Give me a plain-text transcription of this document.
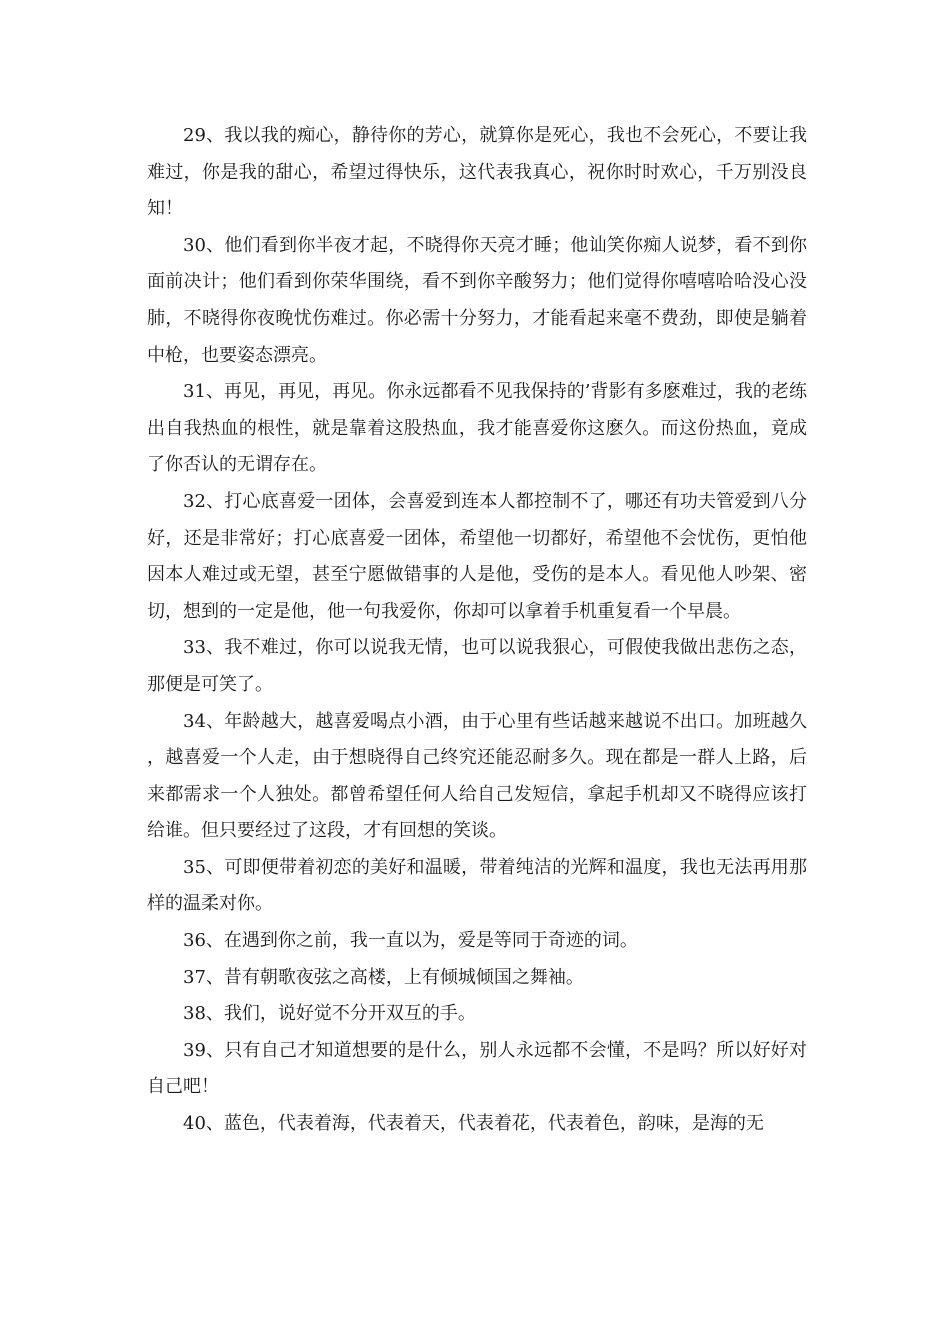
29、我以我的痴心，静待你的芳心，就算你是死心，我也不会死心，不要让我难过，你是我的甜心，希望过得快乐，这代表我真心，祝你时时欢心，千万别没良知！

30、他们看到你半夜才起，不晓得你天亮才睡；他讪笑你痴人说梦，看不到你面前决计；他们看到你荣华围绕，看不到你辛酸努力；他们觉得你嘻嘻哈哈没心没肺，不晓得你夜晚忧伤难过。你必需十分努力，才能看起来毫不费劲，即使是躺着中枪，也要姿态漂亮。

31、再见，再见，再见。你永远都看不见我保持的’背影有多麽难过，我的老练出自我热血的根性，就是靠着这股热血，我才能喜爱你这麽久。而这份热血，竟成了你否认的无谓存在。

32、打心底喜爱一团体，会喜爱到连本人都控制不了，哪还有功夫管爱到八分好，还是非常好；打心底喜爱一团体，希望他一切都好，希望他不会忧伤，更怕他因本人难过或无望，甚至宁愿做错事的人是他，受伤的是本人。看见他人吵架、密切，想到的一定是他，他一句我爱你，你却可以拿着手机重复看一个早晨。

33、我不难过，你可以说我无情，也可以说我狠心，可假使我做出悲伤之态，那便是可笑了。

34、年龄越大，越喜爱喝点小酒，由于心里有些话越来越说不出口。加班越久，越喜爱一个人走，由于想晓得自己终究还能忍耐多久。现在都是一群人上路，后来都需求一个人独处。都曾希望任何人给自己发短信，拿起手机却又不晓得应该打给谁。但只要经过了这段，才有回想的笑谈。

35、可即便带着初恋的美好和温暖，带着纯洁的光辉和温度，我也无法再用那样的温柔对你。

36、在遇到你之前，我一直以为，爱是等同于奇迹的词。

37、昔有朝歌夜弦之高楼，上有倾城倾国之舞袖。

38、我们，说好觉不分开双互的手。

39、只有自己才知道想要的是什么，别人永远都不会懂，不是吗？所以好好对自己吧！

40、蓝色，代表着海，代表着天，代表着花，代表着色，韵味，是海的无
